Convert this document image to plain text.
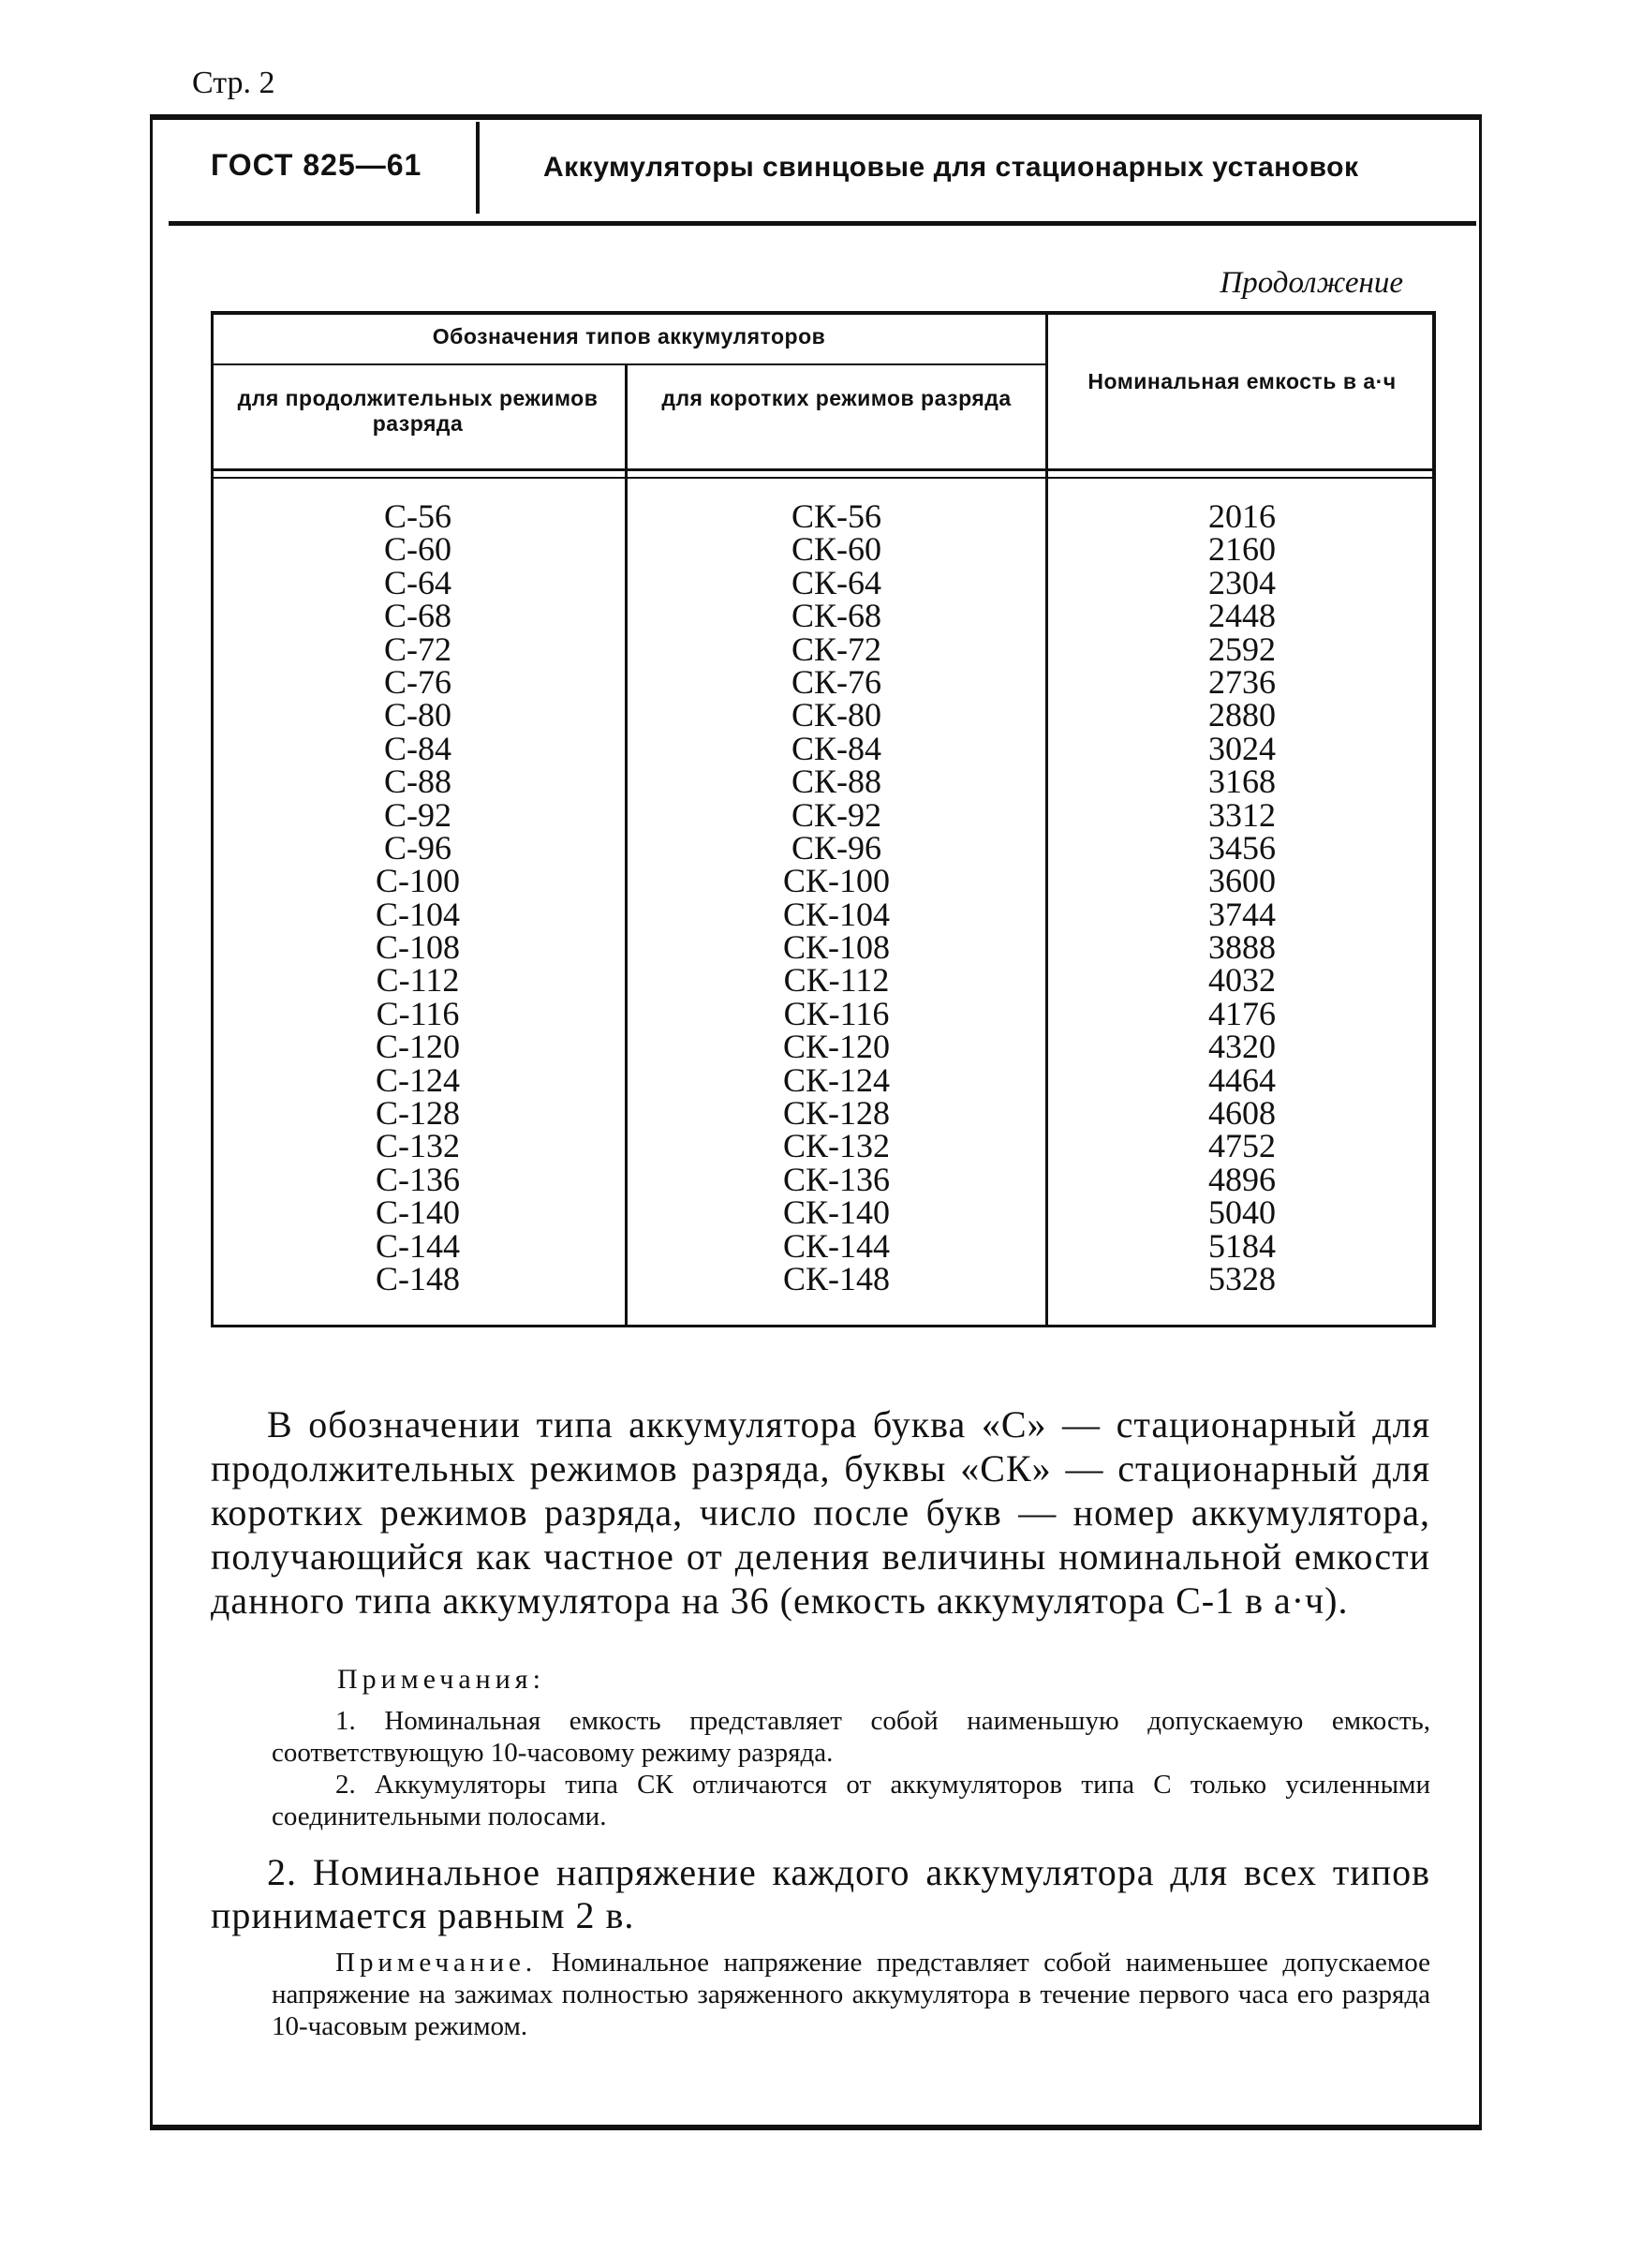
Стр. 2
ГОСТ 825—61	Аккумуляторы свинцовые для стационарных установок
Продолжение
Обозначения типов аккумуляторов
для продолжительных режимов разряда
для коротких режимов разряда
Номинальная емкость в а·ч
С-56
С-60
С-64
С-68
С-72
С-76
С-80
С-84
С-88
С-92
С-96
С-100
С-104
С-108
С-112
С-116
С-120
С-124
С-128
С-132
С-136
С-140
С-144
С-148
СК-56
СК-60
СК-64
СК-68
СК-72
СК-76
СК-80
СК-84
СК-88
СК-92
СК-96
СК-100
СК-104
СК-108
СК-112
СК-116
СК-120
СК-124
СК-128
СК-132
СК-136
СК-140
СК-144
СК-148
2016
2160
2304
2448
2592
2736
2880
3024
3168
3312
3456
3600
3744
3888
4032
4176
4320
4464
4608
4752
4896
5040
5184
5328
В обозначении типа аккумулятора буква «С» — стационарный для продолжительных режимов разряда, буквы «СК» — стационарный для коротких режимов разряда, число после букв — номер аккумулятора, получающийся как частное от деления величины номинальной емкости данного типа аккумулятора на 36 (емкость аккумулятора С-1 в а·ч).
Примечания:
1. Номинальная емкость представляет собой наименьшую допускаемую емкость, соответствующую 10-часовому режиму разряда.
2. Аккумуляторы типа СК отличаются от аккумуляторов типа С только усиленными соединительными полосами.
2. Номинальное напряжение каждого аккумулятора для всех типов принимается равным 2 в.
Примечание. Номинальное напряжение представляет собой наименьшее допускаемое напряжение на зажимах полностью заряженного аккумулятора в течение первого часа его разряда 10-часовым режимом.
